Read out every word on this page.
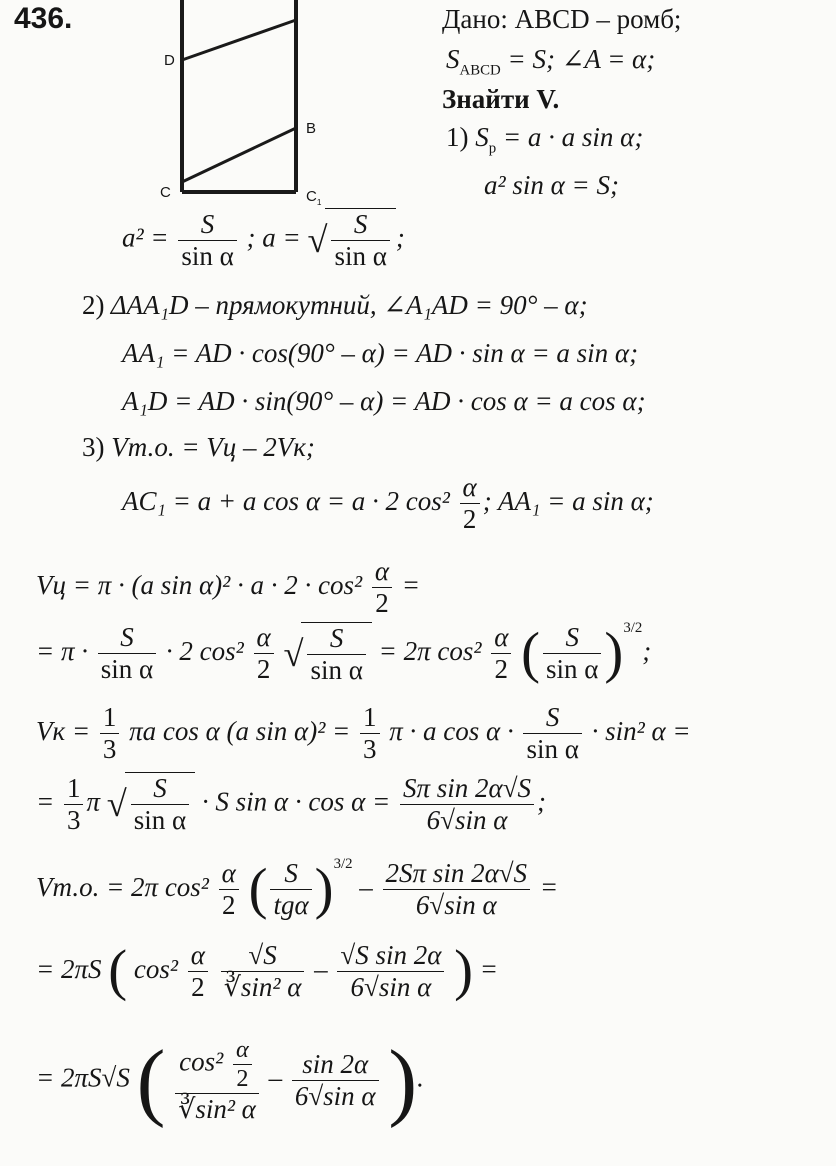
436.
D
B
C	$C_1$
Дано: ABCD – ромб;
$S_{ABCD} = S$; ∠A = α;
Знайти V.
1) $S_р = a \cdot a$ sin α;
a² sin α = S;
$a^2 = \frac{S}{\text{sin α}}$ ; a = √ $\frac{S}{\text{sin α}}$ ;
2) ΔAA₁D – прямокутний, ∠A₁AD = 90° – α;
AA₁ = AD · cos(90° – α) = AD · sin α = a sin α;
A₁D = AD · sin(90° – α) = AD · cos α = a cos α;
3) Vт.о. = Vц – 2Vк;
AC₁ = a + a cos α = a · 2 $\cos^2 \frac{\alpha}{2}$ ; AA₁ = a sin α;
Vц = π · (a $\sin \alpha)^2 \cdot a \cdot 2 \cdot \cos^2 \frac{\alpha}{2}$ =
= $\pi \cdot \frac{S}{\text{sin α}} \cdot 2$ $\cos^2 \frac{\alpha}{2}$ √ $\frac{S}{\text{sin α}} = 2\pi$ $\cos^2 \frac{\alpha}{2}$ ( $\frac{S}{\text{sin α}} )^{3/2}$;
Vк = $\frac{1}{3}$ πa cos α (a $\sin \alpha)^2 = \frac{1}{3}$ π · a $\cos \alpha \cdot \frac{S}{\text{sin α}} \cdot \sin^2$ α =
= $\frac{1}{3}$ π √ $\frac{S}{\text{sin α}} \cdot S$ $\sin \alpha \cdot \cos \alpha = \frac{\text{Sπ sin 2α√S}}{\text{6√sin α}}$ ;
Vт.о. = 2π $\cos^2 \frac{\alpha}{2}$ ( $\frac{S}{\text{tgα}} )^{3/2} - \frac{\text{2Sπ sin 2α√S}}{\text{6√sin α}}$ =
= 2πS ( $\cos^2 \frac{\alpha}{2}$
$\frac{√S}{\text{∛sin² α}} - \frac{\text{√S sin 2α}}{\text{6√sin α}}$ ) =
= 2πS√S ( $\frac{\cos^2 \frac{\alpha}{2}}{\text{∛sin² α}} - \frac{\sin 2\alpha}{\text{6√sin α}}$ ).
